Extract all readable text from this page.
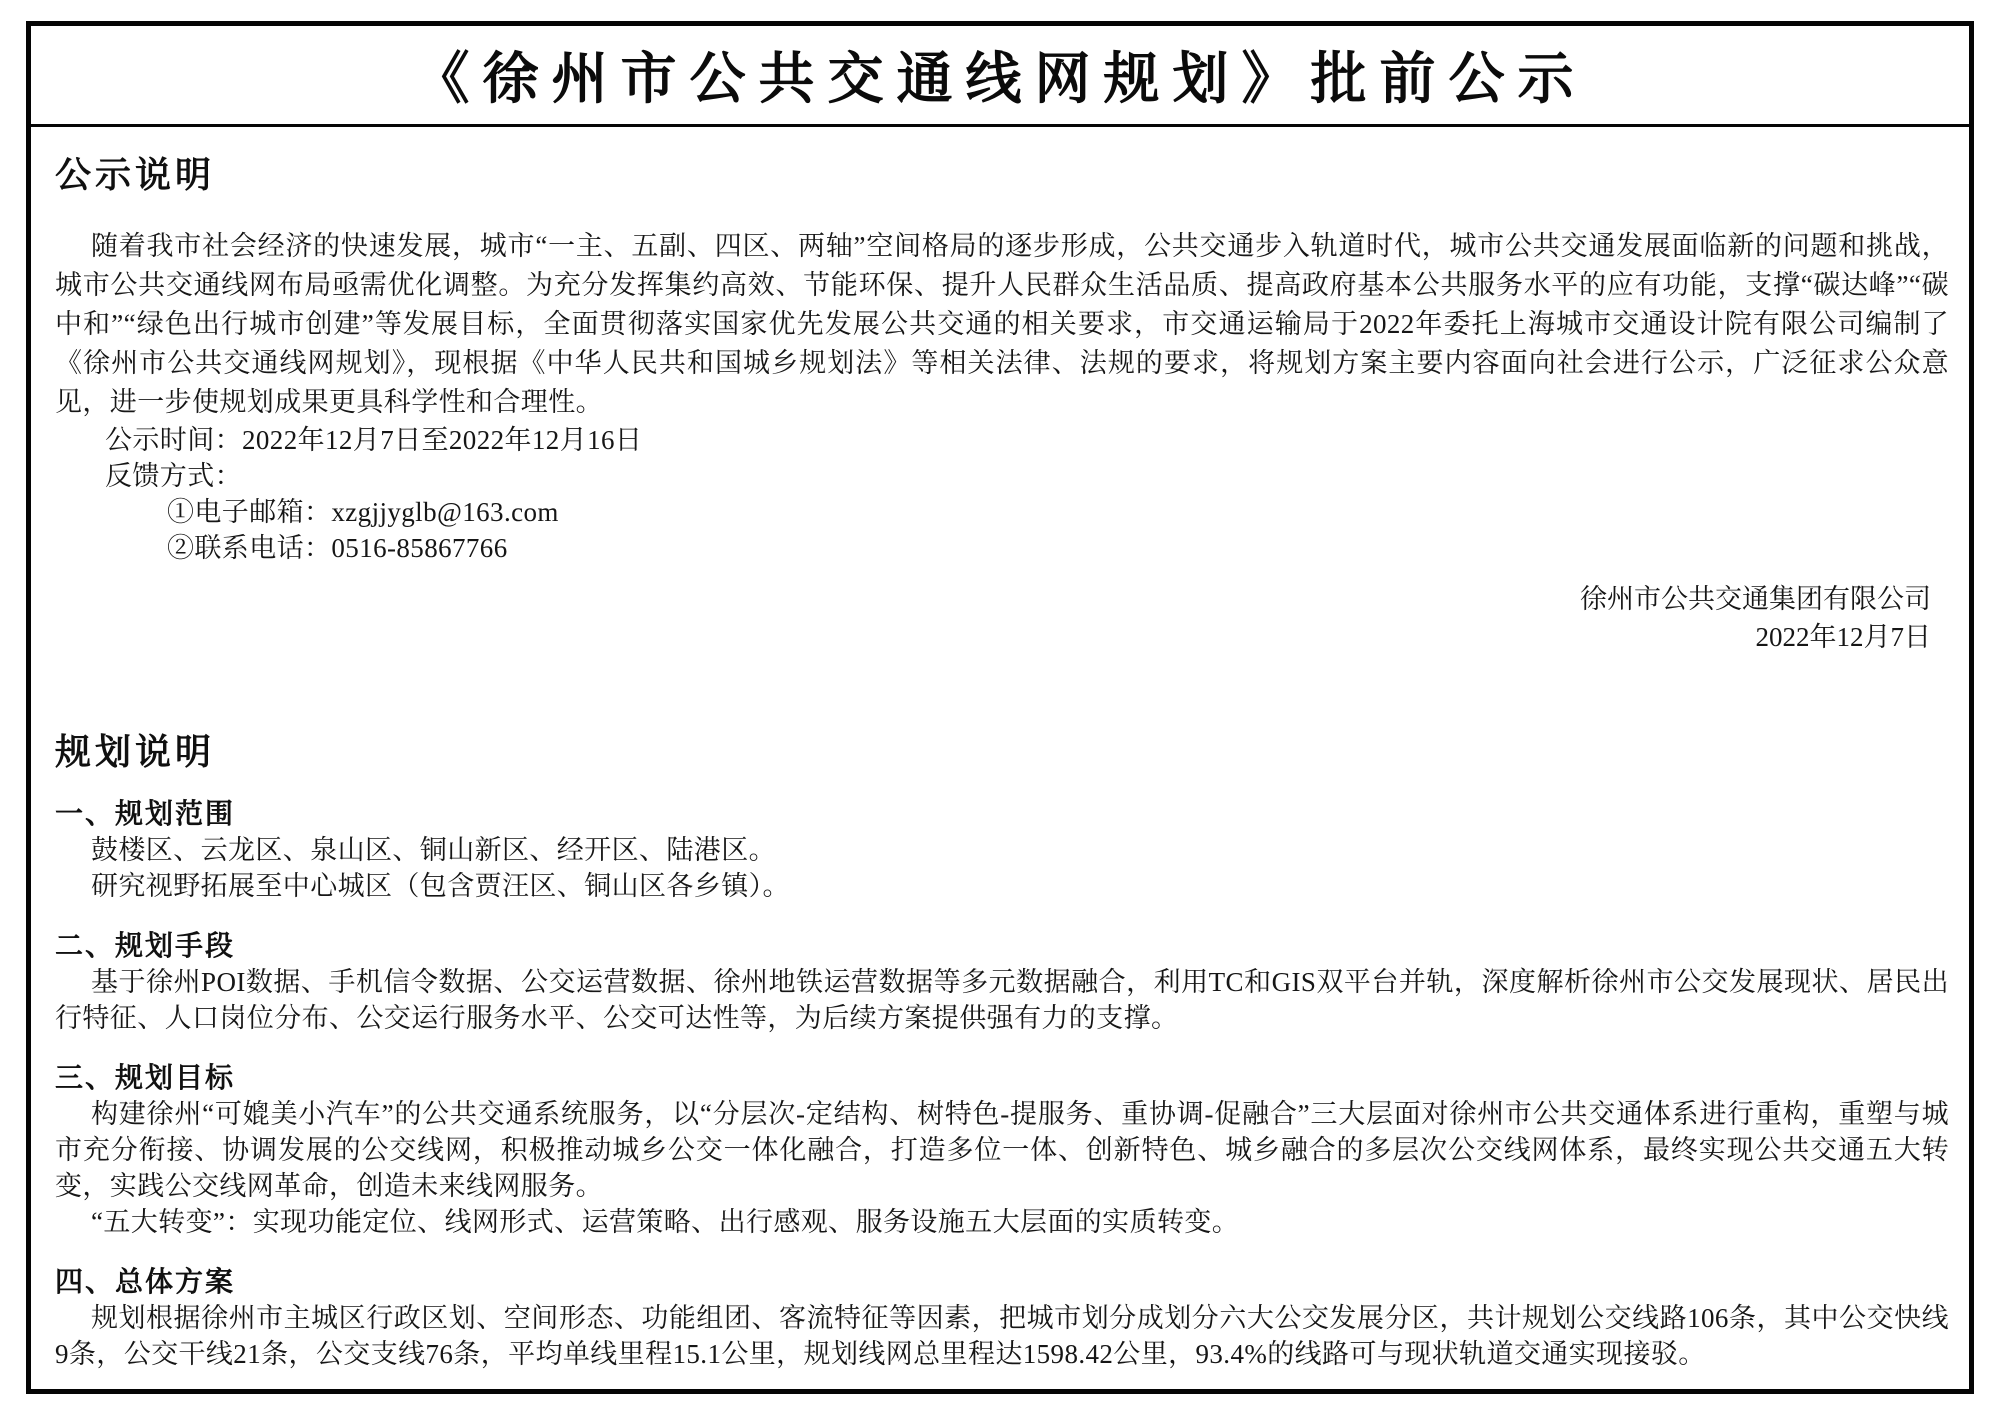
《徐州市公共交通线网规划》批前公示
公示说明

随着我市社会经济的快速发展，城市“一主、五副、四区、两轴”空间格局的逐步形成，公共交通步入轨道时代，城市公共交通发展面临新的问题和挑战，城市公共交通线网布局亟需优化调整。为充分发挥集约高效、节能环保、提升人民群众生活品质、提高政府基本公共服务水平的应有功能，支撑“碳达峰”“碳中和”“绿色出行城市创建”等发展目标，全面贯彻落实国家优先发展公共交通的相关要求，市交通运输局于2022年委托上海城市交通设计院有限公司编制了《徐州市公共交通线网规划》，现根据《中华人民共和国城乡规划法》等相关法律、法规的要求，将规划方案主要内容面向社会进行公示，广泛征求公众意见，进一步使规划成果更具科学性和合理性。

公示时间：2022年12月7日至2022年12月16日

反馈方式：

①电子邮箱：xzgjjyglb@163.com

②联系电话：0516-85867766

徐州市公共交通集团有限公司

2022年12月7日

规划说明
一、规划范围

鼓楼区、云龙区、泉山区、铜山新区、经开区、陆港区。

研究视野拓展至中心城区（包含贾汪区、铜山区各乡镇）。

二、规划手段

基于徐州POI数据、手机信令数据、公交运营数据、徐州地铁运营数据等多元数据融合，利用TC和GIS双平台并轨，深度解析徐州市公交发展现状、居民出行特征、人口岗位分布、公交运行服务水平、公交可达性等，为后续方案提供强有力的支撑。

三、规划目标

构建徐州“可媲美小汽车”的公共交通系统服务，以“分层次-定结构、树特色-提服务、重协调-促融合”三大层面对徐州市公共交通体系进行重构，重塑与城市充分衔接、协调发展的公交线网，积极推动城乡公交一体化融合，打造多位一体、创新特色、城乡融合的多层次公交线网体系，最终实现公共交通五大转变，实践公交线网革命，创造未来线网服务。

“五大转变”：实现功能定位、线网形式、运营策略、出行感观、服务设施五大层面的实质转变。

四、总体方案

规划根据徐州市主城区行政区划、空间形态、功能组团、客流特征等因素，把城市划分成划分六大公交发展分区，共计规划公交线路106条，其中公交快线9条，公交干线21条，公交支线76条，平均单线里程15.1公里，规划线网总里程达1598.42公里，93.4%的线路可与现状轨道交通实现接驳。
